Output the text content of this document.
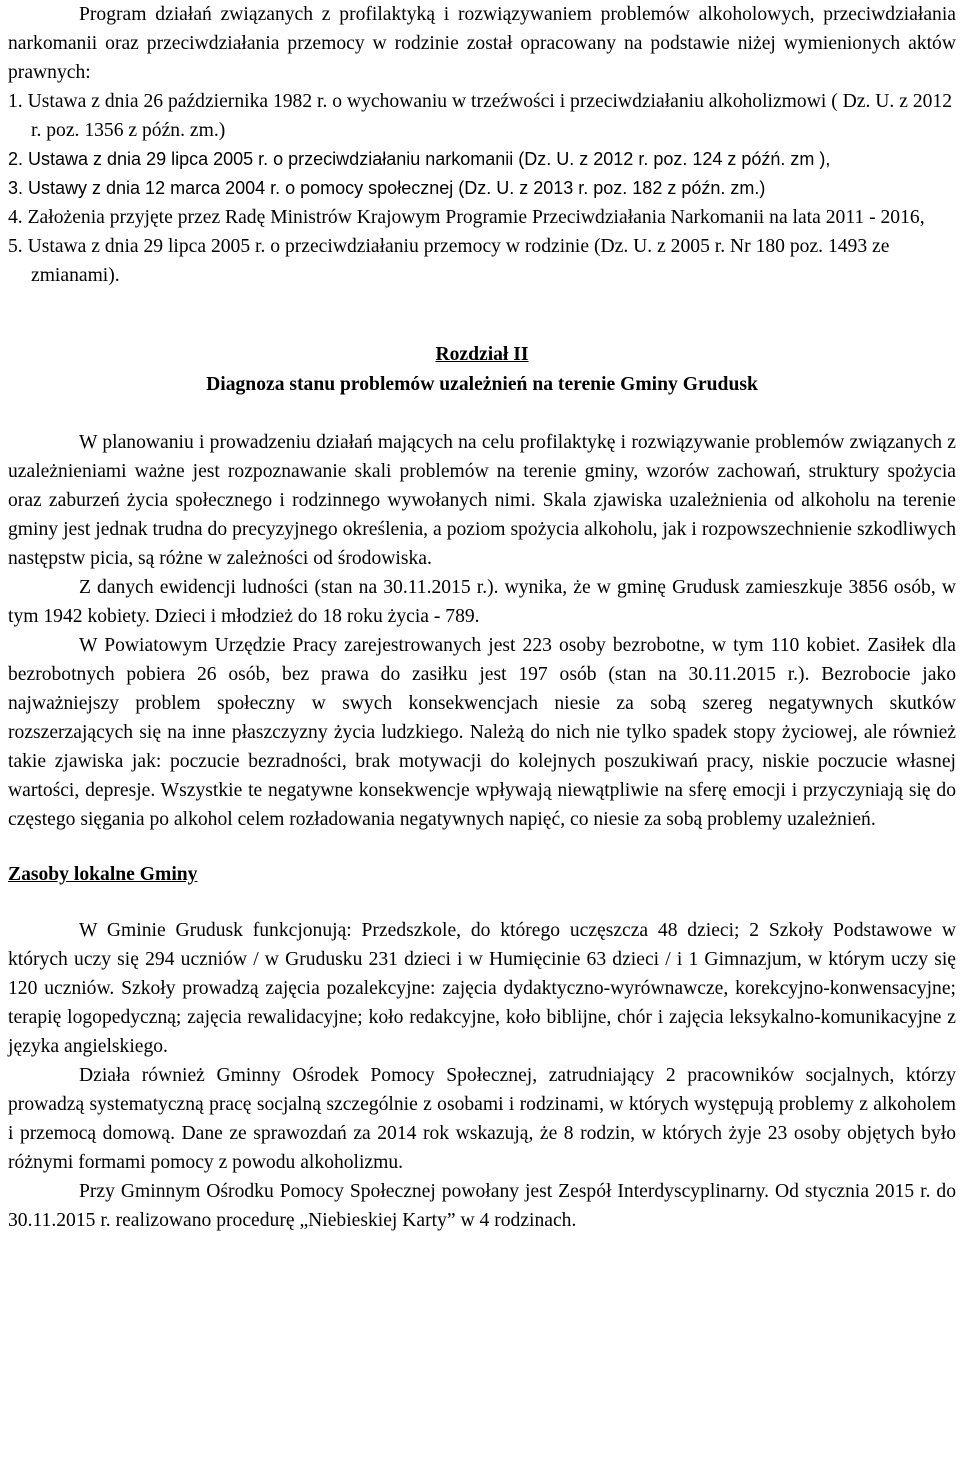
Program działań związanych z profilaktyką i rozwiązywaniem problemów alkoholowych, przeciwdziałania narkomanii oraz przeciwdziałania przemocy w rodzinie został opracowany na podstawie niżej wymienionych aktów prawnych:

1. Ustawa z dnia 26 października 1982 r. o wychowaniu w trzeźwości i przeciwdziałaniu alkoholizmowi ( Dz. U. z 2012 r. poz. 1356 z późn. zm.)
2. Ustawa z dnia 29 lipca 2005 r. o przeciwdziałaniu narkomanii (Dz. U. z 2012 r. poz. 124 z późń. zm ),
3. Ustawy z dnia 12 marca 2004 r. o pomocy społecznej (Dz. U. z 2013 r. poz. 182 z późn. zm.)
4. Założenia przyjęte przez Radę Ministrów Krajowym Programie Przeciwdziałania Narkomanii na lata 2011 - 2016,
5. Ustawa z dnia 29 lipca 2005 r. o przeciwdziałaniu przemocy w rodzinie (Dz. U. z 2005 r. Nr 180 poz. 1493 ze zmianami).
Rozdział II
Diagnoza stanu problemów uzależnień na terenie Gminy Grudusk

W planowaniu i prowadzeniu działań mających na celu profilaktykę i rozwiązywanie problemów związanych z uzależnieniami ważne jest rozpoznawanie skali problemów na terenie gminy, wzorów zachowań, struktury spożycia oraz zaburzeń życia społecznego i rodzinnego wywołanych nimi. Skala zjawiska uzależnienia od alkoholu na terenie gminy jest jednak trudna do precyzyjnego określenia, a poziom spożycia alkoholu, jak i rozpowszechnienie szkodliwych następstw picia, są różne w zależności od środowiska.

Z danych ewidencji ludności (stan na 30.11.2015 r.). wynika, że w gminę Grudusk zamieszkuje 3856 osób, w tym 1942 kobiety. Dzieci i młodzież do 18 roku życia - 789.

W Powiatowym Urzędzie Pracy zarejestrowanych jest 223 osoby bezrobotne, w tym 110 kobiet. Zasiłek dla bezrobotnych pobiera 26 osób, bez prawa do zasiłku jest 197 osób (stan na 30.11.2015 r.). Bezrobocie jako najważniejszy problem społeczny w swych konsekwencjach niesie za sobą szereg negatywnych skutków rozszerzających się na inne płaszczyzny życia ludzkiego. Należą do nich nie tylko spadek stopy życiowej, ale również takie zjawiska jak: poczucie bezradności, brak motywacji do kolejnych poszukiwań pracy, niskie poczucie własnej wartości, depresje. Wszystkie te negatywne konsekwencje wpływają niewątpliwie na sferę emocji i przyczyniają się do częstego sięgania po alkohol celem rozładowania negatywnych napięć, co niesie za sobą problemy uzależnień.

Zasoby lokalne Gminy

W Gminie Grudusk funkcjonują: Przedszkole, do którego uczęszcza 48 dzieci; 2 Szkoły Podstawowe w których uczy się 294 uczniów / w Grudusku 231 dzieci i w Humięcinie 63 dzieci / i 1 Gimnazjum, w którym uczy się 120 uczniów. Szkoły prowadzą zajęcia pozalekcyjne: zajęcia dydaktyczno-wyrównawcze, korekcyjno-konwensacyjne; terapię logopedyczną; zajęcia rewalidacyjne; koło redakcyjne, koło biblijne, chór i zajęcia leksykalno-komunikacyjne z języka angielskiego.

Działa również Gminny Ośrodek Pomocy Społecznej, zatrudniający 2 pracowników socjalnych, którzy prowadzą systematyczną pracę socjalną szczególnie z osobami i rodzinami, w których występują problemy z alkoholem i przemocą domową. Dane ze sprawozdań za 2014 rok wskazują, że 8 rodzin, w których żyje 23 osoby objętych było różnymi formami pomocy z powodu alkoholizmu.

Przy Gminnym Ośrodku Pomocy Społecznej powołany jest Zespół Interdyscyplinarny. Od stycznia 2015 r. do 30.11.2015 r. realizowano procedurę „Niebieskiej Karty” w 4 rodzinach.
